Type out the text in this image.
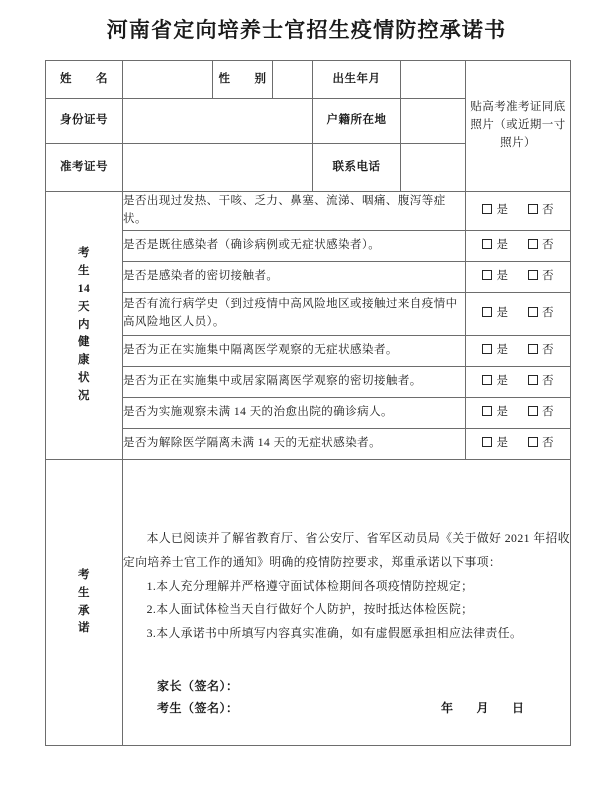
河南省定向培养士官招生疫情防控承诺书
姓　　名		性　　别		出生年月		贴高考准考证同底照片（或近期一寸照片）
身份证号				户籍所在地		
准考证号				联系电话		

考
生
14
天
内
健
康
状
况
	是否出现过发热、干咳、乏力、鼻塞、流涕、咽痛、腹泻等症状。	是	否
	是否是既往感染者（确诊病例或无症状感染者）。					是 否
	是否是感染者的密切接触者。					是 否
	是否有流行病学史（到过疫情中高风险地区或接触过来自疫情中高风险地区人员）。					是 否
	是否为正在实施集中隔离医学观察的无症状感染者。					是 否
	是否为正在实施集中或居家隔离医学观察的密切接触者。					是 否
	是否为实施观察未满 14 天的治愈出院的确诊病人。					是 否
	是否为解除医学隔离未满 14 天的无症状感染者。					是 否

考
生
承
诺

本人已阅读并了解省教育厅、省公安厅、省军区动员局《关于做好 2021 年招收定向培养士官工作的通知》明确的疫情防控要求，郑重承诺以下事项：

1.本人充分理解并严格遵守面试体检期间各项疫情防控规定；

2.本人面试体检当天自行做好个人防护，按时抵达体检医院；

3.本人承诺书中所填写内容真实准确，如有虚假愿承担相应法律责任。

家长（签名）：
考生（签名）：	年 月 日
